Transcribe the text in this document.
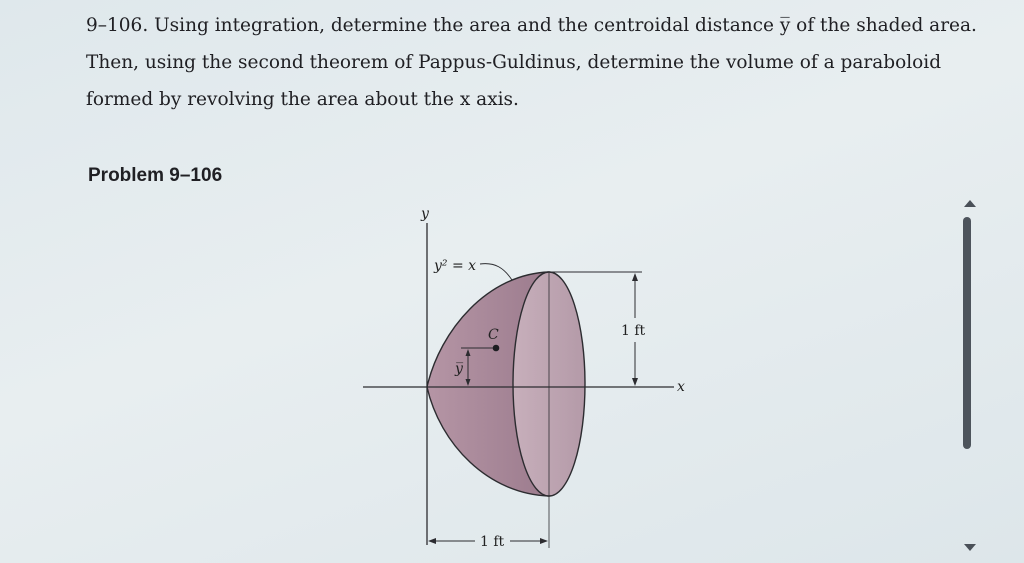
9–106. Using integration, determine the area and the centroidal distance y̅ of the shaded area.
Then, using the second theorem of Pappus-Guldinus, determine the volume of a paraboloid
formed by revolving the area about the x axis.
Problem 9–106
1 ft
1 ft
C
y̅
y² = x
y
x
